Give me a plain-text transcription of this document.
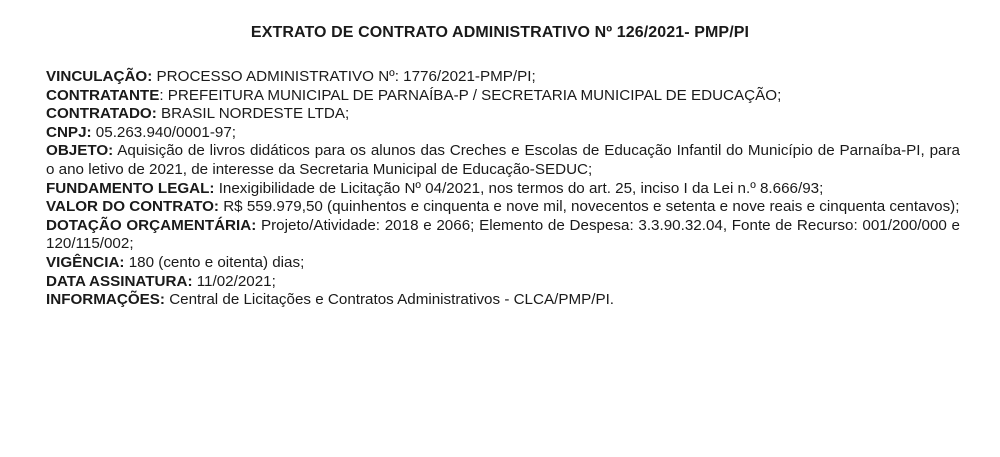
EXTRATO DE CONTRATO ADMINISTRATIVO Nº 126/2021- PMP/PI

VINCULAÇÃO: PROCESSO ADMINISTRATIVO Nº: 1776/2021-PMP/PI;

CONTRATANTE: PREFEITURA MUNICIPAL DE PARNAÍBA-P / SECRETARIA MUNICIPAL DE EDUCAÇÃO;

CONTRATADO: BRASIL NORDESTE LTDA;

CNPJ: 05.263.940/0001-97;

OBJETO: Aquisição de livros didáticos para os alunos das Creches e Escolas de Educação Infantil do Município de Parnaíba-PI, para o ano letivo de 2021, de interesse da Secretaria Municipal de Educação-SEDUC;

FUNDAMENTO LEGAL: Inexigibilidade de Licitação Nº 04/2021, nos termos do art. 25, inciso I da Lei n.º 8.666/93;

VALOR DO CONTRATO: R$ 559.979,50 (quinhentos e cinquenta e nove mil, novecentos e setenta e nove reais e cinquenta centavos);

DOTAÇÃO ORÇAMENTÁRIA: Projeto/Atividade: 2018 e 2066; Elemento de Despesa: 3.3.90.32.04, Fonte de Recurso: 001/200/000 e 120/115/002;

VIGÊNCIA: 180 (cento e oitenta) dias;

DATA ASSINATURA: 11/02/2021;

INFORMAÇÕES: Central de Licitações e Contratos Administrativos - CLCA/PMP/PI.
